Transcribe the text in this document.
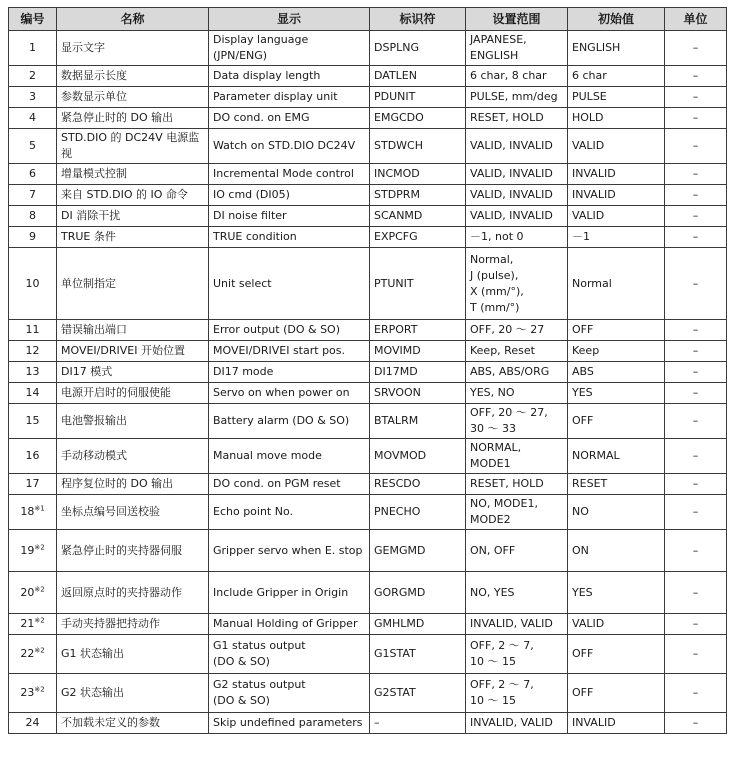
编号	名称	显示	标识符	设置范围	初始值	单位
1	显示文字	Display language (JPN/ENG)	DSPLNG	JAPANESE, ENGLISH	ENGLISH	–
2	数据显示长度	Data display length	DATLEN	6 char, 8 char	6 char	–
3	参数显示单位	Parameter display unit	PDUNIT	PULSE, mm/deg	PULSE	–
4	紧急停止时的 DO 输出	DO cond. on EMG	EMGCDO	RESET, HOLD	HOLD	–
5	STD.DIO 的 DC24V 电源监视	Watch on STD.DIO DC24V	STDWCH	VALID, INVALID	VALID	–
6	增量模式控制	Incremental Mode control	INCMOD	VALID, INVALID	INVALID	–
7	来自 STD.DIO 的 IO 命令	IO cmd (DI05)	STDPRM	VALID, INVALID	INVALID	–
8	DI 消除干扰	DI noise filter	SCANMD	VALID, INVALID	VALID	–
9	TRUE 条件	TRUE condition	EXPCFG	－1, not 0	－1	–
10	单位制指定	Unit select	PTUNIT	Normal,
J (pulse),
X (mm/°),
T (mm/°)	Normal	–
11	错误输出端口	Error output (DO & SO)	ERPORT	OFF, 20 ～ 27	OFF	–
12	MOVEI/DRIVEI 开始位置	MOVEI/DRIVEI start pos.	MOVIMD	Keep, Reset	Keep	–
13	DI17 模式	DI17 mode	DI17MD	ABS, ABS/ORG	ABS	–
14	电源开启时的伺服使能	Servo on when power on	SRVOON	YES, NO	YES	–
15	电池警报输出	Battery alarm (DO & SO)	BTALRM	OFF, 20 ～ 27,
30 ～ 33	OFF	–
16	手动移动模式	Manual move mode	MOVMOD	NORMAL,
MODE1	NORMAL	–
17	程序复位时的 DO 输出	DO cond. on PGM reset	RESCDO	RESET, HOLD	RESET	–
18$^{※1}$	坐标点编号回送校验	Echo point No.	PNECHO	NO, MODE1,
MODE2	NO	–
19$^{※2}$	紧急停止时的夹持器伺服	Gripper servo when E. stop	GEMGMD	ON, OFF	ON	–
20$^{※2}$	返回原点时的夹持器动作	Include Gripper in Origin	GORGMD	NO, YES	YES	–
21$^{※2}$	手动夹持器把持动作	Manual Holding of Gripper	GMHLMD	INVALID, VALID	VALID	–
22$^{※2}$	G1 状态输出	G1 status output
(DO & SO)	G1STAT	OFF, 2 ～ 7,
10 ～ 15	OFF	–
23$^{※2}$	G2 状态输出	G2 status output
(DO & SO)	G2STAT	OFF, 2 ～ 7,
10 ～ 15	OFF	–
24	不加载未定义的参数	Skip undefined parameters	–	INVALID, VALID	INVALID	–
